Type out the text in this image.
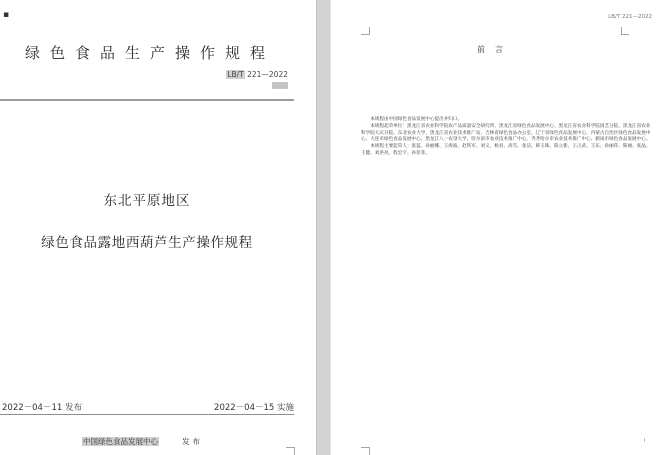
▪
绿色食品生产操作规程
LB/T 221—2022
东北平原地区
绿色食品露地西葫芦生产操作规程
2022－04－11 发布	2022－04－15 实施
中国绿色食品发展中心	发布
LB/T 221—2022
前言

本规程由中国绿色食品发展中心提出并归口。

本规程起草单位：黑龙江省农业科学院农产品质量安全研究所、黑龙江省绿色食品发展中心、黑龙江省农业科学院园艺分院、黑龙江省农业科学院大庆分院、东北农业大学、黑龙江省农业技术推广站、吉林省绿色食品办公室、辽宁省绿色食品发展中心、内蒙古自治区绿色食品发展中心、大连市绿色食品发展中心、黑龙江八一农垦大学、哈尔滨市农业技术推广中心、齐齐哈尔市农业技术推广中心、鹤岗市绿色食品发展中心。

本规程主要起草人：张蕊、孙丽娜、王海波、赵铁军、刘义、杨君、高雪、张洁、韩玉珠、陈立新、王占武、王东、孙丽萍、陈丽、张晶、王健、刘洪亮、程宏宇、孙菲菲。

I
